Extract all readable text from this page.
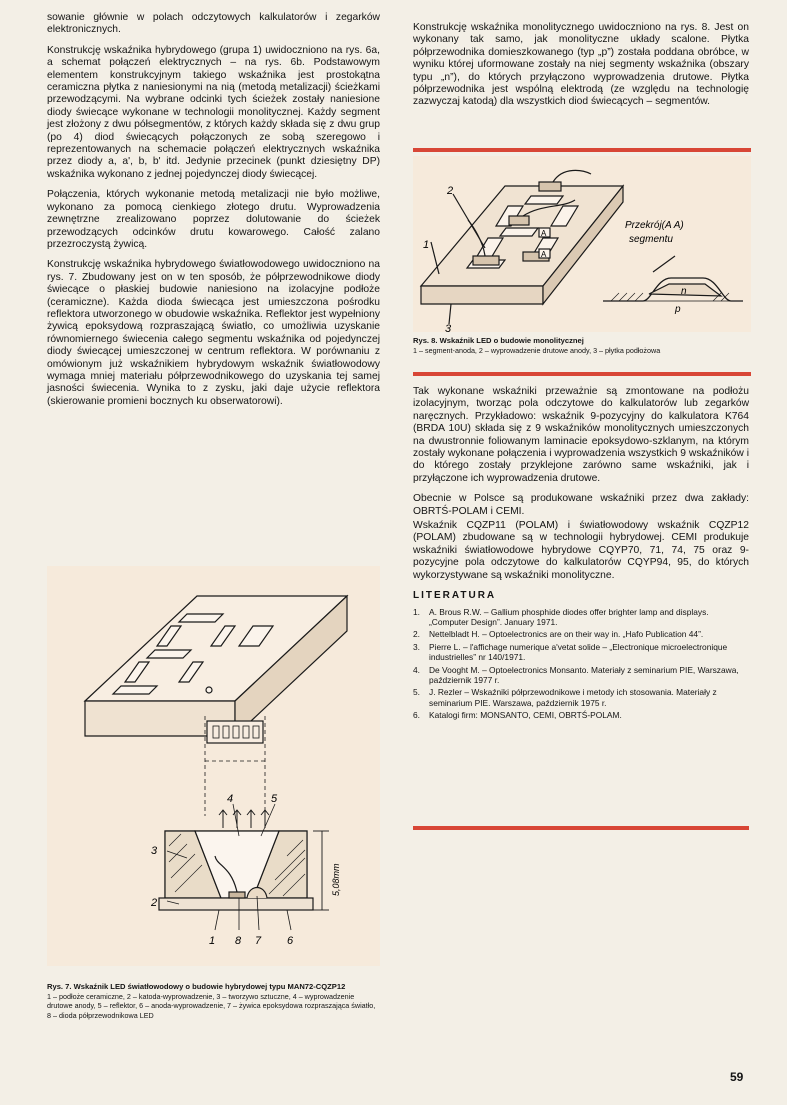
sowanie głównie w polach odczytowych kalkulatorów i zegarków elektronicznych.

Konstrukcję wskaźnika hybrydowego (grupa 1) uwidoczniono na rys. 6a, a schemat połączeń elektrycznych – na rys. 6b. Podstawowym elementem konstrukcyjnym takiego wskaźnika jest prostokątna ceramiczna płytka z naniesionymi na nią (metodą metalizacji) ścieżkami przewodzącymi. Na wybrane odcinki tych ścieżek zostały naniesione diody świecące wykonane w technologii monolitycznej. Każdy segment jest złożony z dwu półsegmentów, z których każdy składa się z dwu grup (po 4) diod świecących połączonych ze sobą szeregowo i reprezentowanych na schemacie połączeń elektrycznych wskaźnika przez diody a, a', b, b' itd. Jedynie przecinek (punkt dziesiętny DP) wskaźnika wykonano z jednej pojedynczej diody świecącej.

Połączenia, których wykonanie metodą metalizacji nie było możliwe, wykonano za pomocą cienkiego złotego drutu. Wyprowadzenia zewnętrzne zrealizowano poprzez dolutowanie do ścieżek przewodzących odcinków drutu kowarowego. Całość zalano przezroczystą żywicą.

Konstrukcję wskaźnika hybrydowego światłowodowego uwidoczniono na rys. 7. Zbudowany jest on w ten sposób, że półprzewodnikowe diody świecące o płaskiej budowie naniesiono na izolacyjne podłoże (ceramiczne). Każda dioda świecąca jest umieszczona pośrodku reflektora utworzonego w obudowie wskaźnika. Reflektor jest wypełniony żywicą epoksydową rozpraszającą światło, co umożliwia uzyskanie równomiernego świecenia całego segmentu wskaźnika od pojedynczej diody świecącej umieszczonej w centrum reflektora. W porównaniu z omówionym już wskaźnikiem hybrydowym wskaźnik światłowodowy wymaga mniej materiału półprzewodnikowego do uzyskania tej samej jasności świecenia. Wynika to z zysku, jaki daje użycie reflektora (skierowanie promieni bocznych ku obserwatorowi).

Konstrukcję wskaźnika monolitycznego uwidoczniono na rys. 8. Jest on wykonany tak samo, jak monolityczne układy scalone. Płytka półprzewodnika domieszkowanego (typ „p”) została poddana obróbce, w wyniku której uformowane zostały na niej segmenty wskaźnika (obszary typu „n”), do których przyłączono wyprowadzenia drutowe. Płytka półprzewodnika jest wspólną elektrodą (ze względu na technologię zazwyczaj katodą) dla wszystkich diod świecących – segmentów.

2
1
3
A
A
Przekrój(A A)
segmentu
n
p
Rys. 8. Wskaźnik LED o budowie monolitycznej
1 – segment-anoda, 2 – wyprowadzenie drutowe anody, 3 – płytka podłożowa

Tak wykonane wskaźniki przeważnie są zmontowane na podłożu izolacyjnym, tworząc pola odczytowe do kalkulatorów lub zegarków naręcznych. Przykładowo: wskaźnik 9-pozycyjny do kalkulatora K764 (BRDA 10U) składa się z 9 wskaźników monolitycznych umieszczonych na dwustronnie foliowanym laminacie epoksydowo-szklanym, na którym zostały wykonane połączenia i wyprowadzenia wszystkich 9 wskaźników i do którego zostały przyklejone zarówno same wskaźniki, jak i przyłączone ich wyprowadzenia drutowe.

Obecnie w Polsce są produkowane wskaźniki przez dwa zakłady: OBRTŚ-POLAM i CEMI.

Wskaźnik CQZP11 (POLAM) i światłowodowy wskaźnik CQZP12 (POLAM) zbudowane są w technologii hybrydowej. CEMI produkuje wskaźniki światłowodowe hybrydowe CQYP70, 71, 74, 75 oraz 9-pozycyjne pola odczytowe do kalkulatorów CQYP94, 95, do których wykorzystywane są wskaźniki monolityczne.

LITERATURA
1.	A. Brous R.W. – Gallium phosphide diodes offer brighter lamp and displays. „Computer Design”. January 1971.
2.	Nettelbladt H. – Optoelectronics are on their way in. „Hafo Publication 44”.
3.	Pierre L. – l'affichage numerique a'vetat solide – „Electronique microelectronique industrielles” nr 140/1971.
4.	De Vooght M. – Optoelectronics Monsanto. Materiały z seminarium PIE, Warszawa, październik 1977 r.
5.	J. Rezler – Wskaźniki półprzewodnikowe i metody ich stosowania. Materiały z seminarium PIE. Warszawa, październik 1975 r.
6.	Katalogi firm: MONSANTO, CEMI, OBRTŚ-POLAM.
3
2
4	5
1 8 7 6
5,08mm
Rys. 7. Wskaźnik LED światłowodowy o budowie hybrydowej typu MAN72-CQZP12
1 – podłoże ceramiczne, 2 – katoda-wyprowadzenie, 3 – tworzywo sztuczne, 4 – wyprowadzenie drutowe anody, 5 – reflektor, 6 – anoda-wyprowadzenie, 7 – żywica epoksydowa rozpraszająca światło, 8 – dioda półprzewodnikowa LED
59
